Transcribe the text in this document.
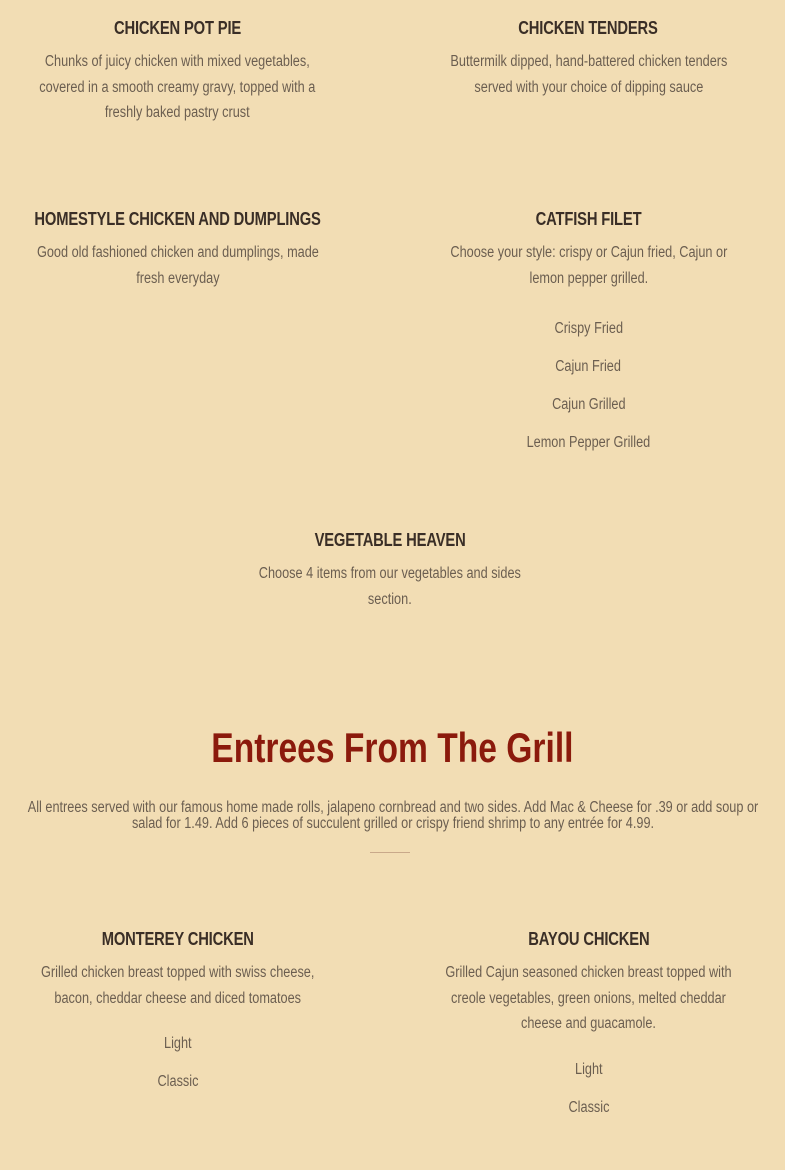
CHICKEN POT PIE

Chunks of juicy chicken with mixed vegetables,
covered in a smooth creamy gravy, topped with a
freshly baked pastry crust

CHICKEN TENDERS

Buttermilk dipped, hand-battered chicken tenders
served with your choice of dipping sauce

HOMESTYLE CHICKEN AND DUMPLINGS

Good old fashioned chicken and dumplings, made
fresh everyday

CATFISH FILET

Choose your style: crispy or Cajun fried, Cajun or
lemon pepper grilled.

Crispy Fried
Cajun Fried
Cajun Grilled
Lemon Pepper Grilled
VEGETABLE HEAVEN

Choose 4 items from our vegetables and sides
section.

Entrees From The Grill

All entrees served with our famous home made rolls, jalapeno cornbread and two sides. Add Mac & Cheese for .39 or add soup or salad for 1.49. Add 6 pieces of succulent grilled or crispy friend shrimp to any entrée for 4.99.

MONTEREY CHICKEN

Grilled chicken breast topped with swiss cheese,
bacon, cheddar cheese and diced tomatoes

Light
Classic
BAYOU CHICKEN

Grilled Cajun seasoned chicken breast topped with
creole vegetables, green onions, melted cheddar
cheese and guacamole.

Light
Classic
